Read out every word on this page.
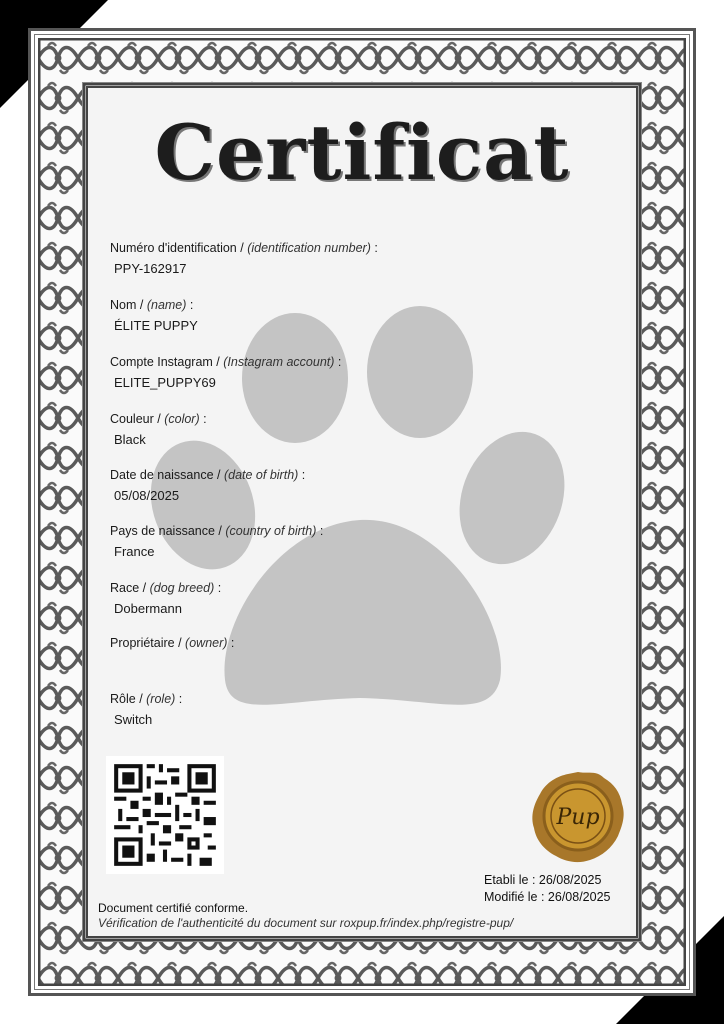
Certificat
Numéro d'identification / (identification number) :
PPY-162917
Nom / (name) :
ÉLITE PUPPY
Compte Instagram / (Instagram account) :
ELITE_PUPPY69
Couleur / (color) :
Black
Date de naissance / (date of birth) :
05/08/2025
Pays de naissance / (country of birth) :
France
Race / (dog breed) :
Dobermann
Propriétaire / (owner) :
Rôle / (role) :
Switch
Pup
Etabli le : 26/08/2025
Modifié le : 26/08/2025
Document certifié conforme.
Vérification de l'authenticité du document sur roxpup.fr/index.php/registre-pup/
